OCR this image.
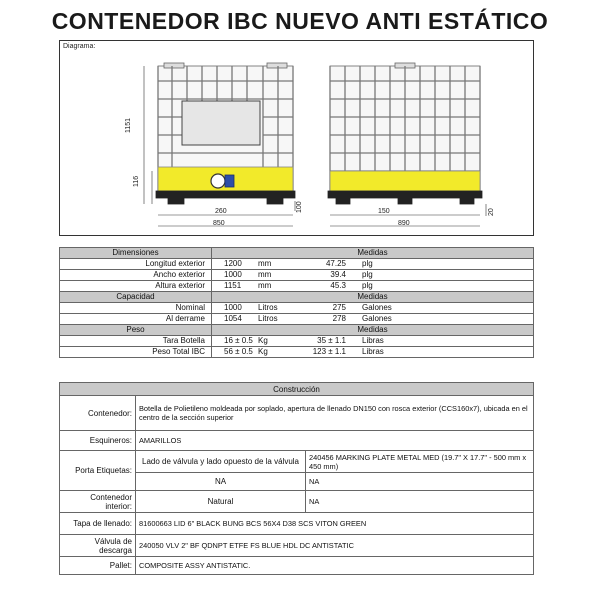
CONTENEDOR IBC NUEVO ANTI ESTÁTICO
Diagrama:
1151
116
260
850
100	150
890
20
Dimensiones	Medidas
Longitud exterior	1200 mm 47.25 plg

Ancho exterior	1000 mm 39.4 plg

Altura exterior	1151 mm 45.3 plg

Capacidad	Medidas
Nominal	1000 Litros 275 Galones

Al derrame	1054 Litros 278 Galones

Peso	Medidas
Tara Botella	16 ± 0.5 Kg 35 ± 1.1 Libras

Peso Total IBC	56 ± 0.5 Kg 123 ± 1.1 Libras
Construcción		
Contenedor:	Botella de Polietileno moldeada por soplado, apertura de llenado DN150 con rosca exterior (CCS160x7), ubicada en el centro de la sección superior	
Esquineros:	AMARILLOS	
Porta Etiquetas:	Lado de válvula y lado opuesto de la válvula	240456 MARKING PLATE METAL MED (19.7" X 17.7" - 500 mm x 450 mm)
	NA	NA
Contenedor interior:	Natural	NA
Tapa de llenado:	81600663 LID 6" BLACK BUNG BCS 56X4 D38 SCS VITON GREEN	
Válvula de descarga	240050 VLV 2" BF QDNPT ETFE FS BLUE HDL DC ANTISTATIC	
Pallet:	COMPOSITE ASSY ANTISTATIC.	
